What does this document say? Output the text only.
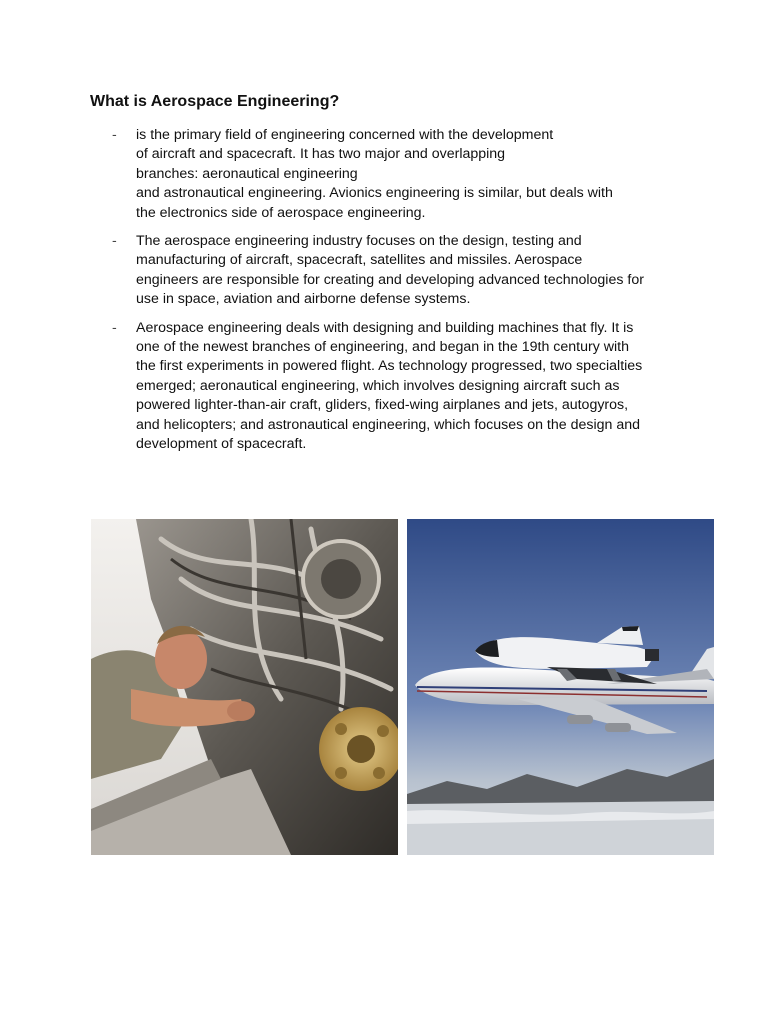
What is Aerospace Engineering?
- is the primary field of engineering concerned with the development
of aircraft and spacecraft. It has two major and overlapping
branches: aeronautical engineering
and astronautical engineering. Avionics engineering is similar, but deals with
the electronics side of aerospace engineering.
- The aerospace engineering industry focuses on the design, testing and
manufacturing of aircraft, spacecraft, satellites and missiles. Aerospace
engineers are responsible for creating and developing advanced technologies for
use in space, aviation and airborne defense systems.
- Aerospace engineering deals with designing and building machines that fly. It is
one of the newest branches of engineering, and began in the 19th century with
the first experiments in powered flight. As technology progressed, two specialties
emerged; aeronautical engineering, which involves designing aircraft such as
powered lighter-than-air craft, gliders, fixed-wing airplanes and jets, autogyros,
and helicopters; and astronautical engineering, which focuses on the design and
development of spacecraft.
